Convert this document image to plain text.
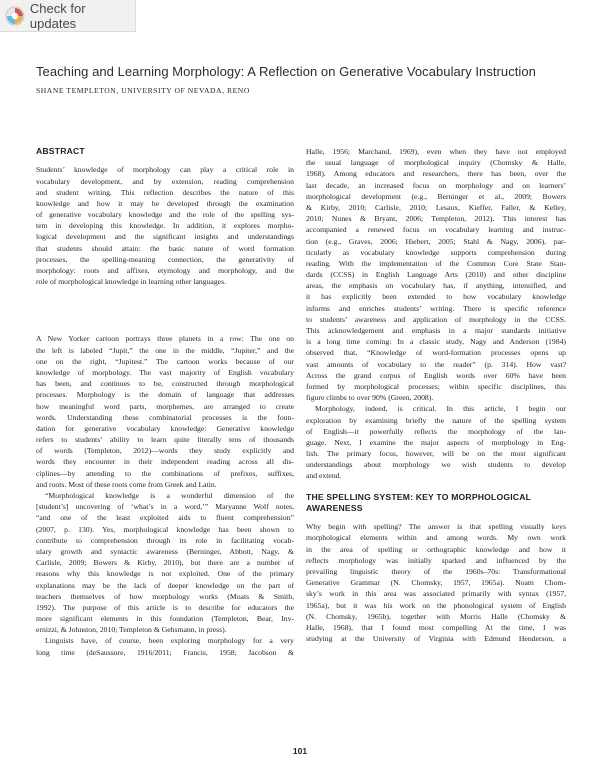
Check for updates
Teaching and Learning Morphology: A Reflection on Generative Vocabulary Instruction
SHANE TEMPLETON, UNIVERSITY OF NEVADA, RENO
ABSTRACT
Students’ knowledge of morphology can play a critical role in
vocabulary development, and by extension, reading comprehension
and student writing. This reflection describes the nature of this
knowledge and how it may be developed through the examination
of generative vocabulary knowledge and the role of the spelling sys-
tem in developing this knowledge. In addition, it explores morpho-
logical development and the significant insights and understandings
that students should attain: the basic nature of word formation
processes, the spelling-meaning connection, the generativity of
morphology: roots and affixes, etymology and morphology, and the
role of morphological knowledge in learning other languages.
A New Yorker cartoon portrays three planets in a row: The one on
the left is labeled “Jupit,” the one in the middle, “Jupiter,” and the
one on the right, “Jupitest.” The cartoon works because of our
knowledge of morphology. The vast majority of English vocabulary
has been, and continues to be, constructed through morphological
processes. Morphology is the domain of language that addresses
how meaningful word parts, morphemes, are arranged to create
words. Understanding these combinatorial processes is the foun-
dation for generative vocabulary knowledge: Generative knowledge
refers to students’ ability to learn quite literally tens of thousands
of words (Templeton, 2012)—words they study explicitly and
words they encounter in their independent reading across all dis-
ciplines—by attending to the combinations of prefixes, suffixes,
and roots. Most of these roots come from Greek and Latin.
“Morphological knowledge is a wonderful dimension of the
[student’s] uncovering of ‘what’s in a word,’” Maryanne Wolf notes,
“and one of the least exploited aids to fluent comprehension”
(2007, p. 130). Yes, morphological knowledge has been shown to
contribute to comprehension through its role in facilitating vocab-
ulary growth and syntactic awareness (Berninger, Abbott, Nagy, &
Carlisle, 2009; Bowers & Kirby, 2010), but there are a number of
reasons why this knowledge is not exploited. One of the primary
explanations may be the lack of deeper knowledge on the part of
teachers themselves of how morphology works (Moats & Smith,
1992). The purpose of this article is to describe for educators the
more significant elements in this foundation (Templeton, Bear, Inv-
ernizzi, & Johnston, 2010; Templeton & Gehsmann, in press).
Linguists have, of course, been exploring morphology for a very
long time (deSaussure, 1916/2011; Francis, 1958; Jacobson &
Halle, 1956; Marchand, 1969), even when they have not employed
the usual language of morphological inquiry (Chomsky & Halle,
1968). Among educators and researchers, there has been, over the
last decade, an increased focus on morphology and on learners’
morphological development (e.g., Berninger et al., 2009; Bowers
& Kirby, 2010; Carlisle, 2010; Lesaux, Kieffer, Faller, & Kelley,
2010; Nunes & Bryant, 2006; Templeton, 2012). This interest has
accompanied a renewed focus on vocabulary learning and instruc-
tion (e.g., Graves, 2006; Hiebert, 2005; Stahl & Nagy, 2006), par-
ticularly as vocabulary knowledge supports comprehension during
reading. With the implementation of the Common Core State Stan-
dards (CCSS) in English Language Arts (2010) and other discipline
areas, the emphasis on vocabulary has, if anything, intensified, and
it has explicitly been extended to how vocabulary knowledge
informs and enriches students’ writing. There is specific reference
to students’ awareness and application of morphology in the CCSS.
This acknowledgement and emphasis in a major standards initiative
is a long time coming: In a classic study, Nagy and Anderson (1984)
observed that, “Knowledge of word-formation processes opens up
vast amounts of vocabulary to the reader” (p. 314). How vast?
Across the grand corpus of English words over 60% have been
formed by morphological processes; within specific disciplines, this
figure climbs to over 90% (Green, 2008).
Morphology, indeed, is critical. In this article, I begin our
exploration by examining briefly the nature of the spelling system
of English—it powerfully reflects the morphology of the lan-
guage. Next, I examine the major aspects of morphology in Eng-
lish. The primary focus, however, will be on the most significant
understandings about morphology we wish students to develop
and extend.
THE SPELLING SYSTEM: KEY TO MORPHOLOGICAL
AWARENESS
Why begin with spelling? The answer is that spelling visually keys
morphological elements within and among words. My own work
in the area of spelling or orthographic knowledge and how it
reflects morphology was initially sparked and influenced by the
prevailing linguistic theory of the 1960s–70s: Transformational
Generative Grammar (N. Chomsky, 1957, 1965a). Noam Chom-
sky’s work in this area was associated primarily with syntax (1957,
1965a), but it was his work on the phonological system of English
(N. Chomsky, 1965b), together with Morris Halle (Chomsky &
Halle, 1968), that I found most compelling At the time, I was
studying at the University of Virginia with Edmund Henderson, a
101
